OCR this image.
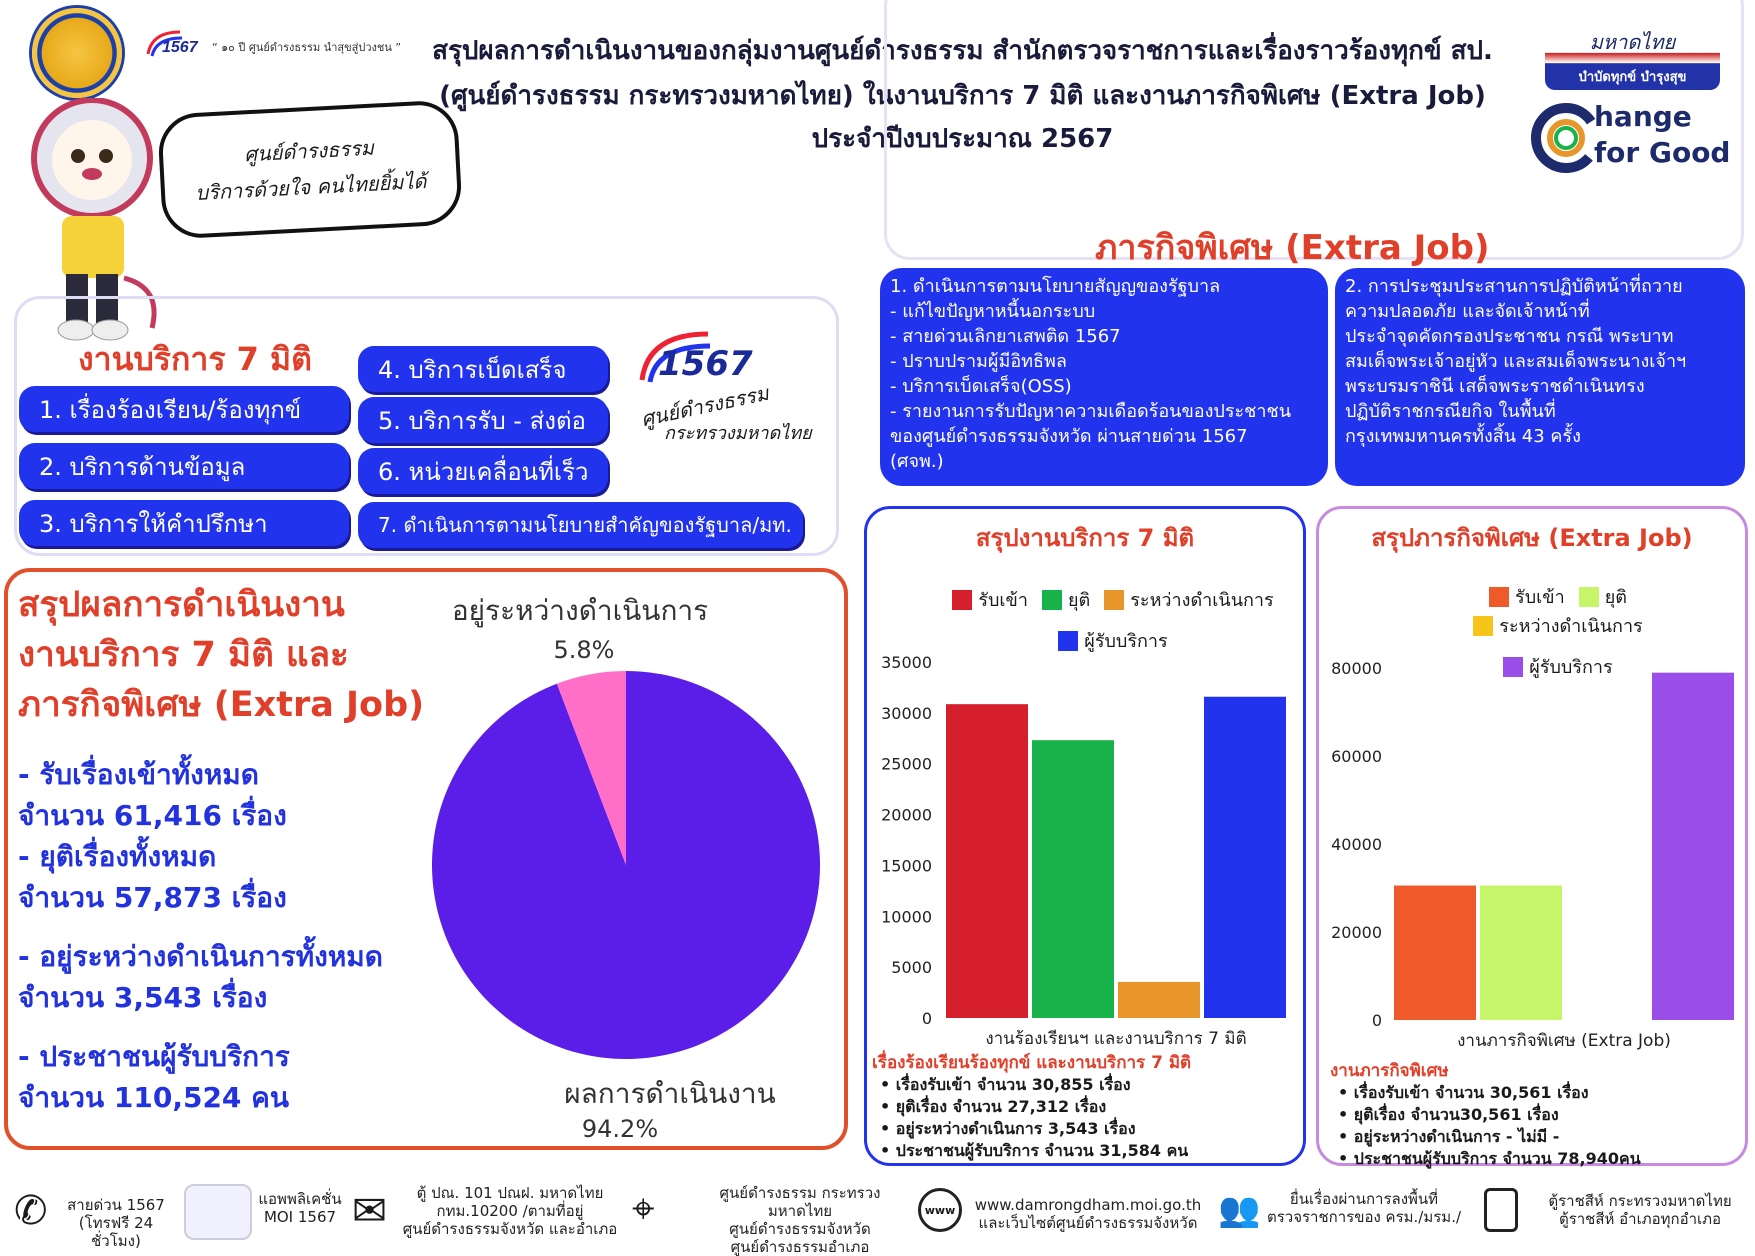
1567 “ ๑๐ ปี ศูนย์ดำรงธรรม นำสุขสู่ปวงชน ”	สรุปผลการดำเนินงานของกลุ่มงานศูนย์ดำรงธรรม สำนักตรวจราชการและเรื่องราวร้องทุกข์ สป.
(ศูนย์ดำรงธรรม กระทรวงมหาดไทย) ในงานบริการ 7 มิติ และงานภารกิจพิเศษ (Extra Job)
ประจำปีงบประมาณ 2567
มหาดไทย
บำบัดทุกข์ บำรุงสุข
hange
for Good
ศูนย์ดำรงธรรม
บริการด้วยใจ คนไทยยิ้มได้
งานบริการ 7 มิติ
1. เรื่องร้องเรียน/ร้องทุกข์
2. บริการด้านข้อมูล
3. บริการให้คำปรึกษา
4. บริการเบ็ดเสร็จ
5. บริการรับ - ส่งต่อ
6. หน่วยเคลื่อนที่เร็ว
7. ดำเนินการตามนโยบายสำคัญของรัฐบาล/มท.
1567
ศูนย์ดำรงธรรม
กระทรวงมหาดไทย
ภารกิจพิเศษ (Extra Job)
1. ดำเนินการตามนโยบายสัญญของรัฐบาล
- แก้ไขปัญหาหนี้นอกระบบ
- สายด่วนเลิกยาเสพติด 1567
- ปราบปรามผู้มีอิทธิพล
- บริการเบ็ดเสร็จ(OSS)
- รายงานการรับปัญหาความเดือดร้อนของประชาชน
ของศูนย์ดำรงธรรมจังหวัด ผ่านสายด่วน 1567
(ศจพ.)
2. การประชุมประสานการปฏิบัติหน้าที่ถวาย
ความปลอดภัย และจัดเจ้าหน้าที่
ประจำจุดคัดกรองประชาชน กรณี พระบาท
สมเด็จพระเจ้าอยู่หัว และสมเด็จพระนางเจ้าฯ
พระบรมราชินี เสด็จพระราชดำเนินทรง
ปฏิบัติราชกรณียกิจ ในพื้นที่
กรุงเทพมหานครทั้งสิ้น 43 ครั้ง
สรุปผลการดำเนินงาน
งานบริการ 7 มิติ และ
ภารกิจพิเศษ (Extra Job)
- รับเรื่องเข้าทั้งหมด
จำนวน 61,416 เรื่อง
- ยุติเรื่องทั้งหมด
จำนวน 57,873 เรื่อง
- อยู่ระหว่างดำเนินการทั้งหมด
จำนวน 3,543 เรื่อง
- ประชาชนผู้รับบริการ
จำนวน 110,524 คน
อยู่ระหว่างดำเนินการ
5.8%
ผลการดำเนินงาน
94.2%
สรุปงานบริการ 7 มิติ
รับเข้า ยุติ ระหว่างดำเนินการ
ผู้รับบริการ
0
5000
10000
15000
20000
25000
30000
35000
งานร้องเรียนฯ และงานบริการ 7 มิติ
เรื่องร้องเรียนร้องทุกข์ และงานบริการ 7 มิติ
• เรื่องรับเข้า จำนวน 30,855 เรื่อง
• ยุติเรื่อง จำนวน 27,312 เรื่อง
• อยู่ระหว่างดำเนินการ 3,543 เรื่อง
• ประชาชนผู้รับบริการ จำนวน 31,584 คน
สรุปภารกิจพิเศษ (Extra Job)
รับเข้า ยุติ
ระหว่างดำเนินการ
ผู้รับบริการ
0
20000
40000
60000
80000
งานภารกิจพิเศษ (Extra Job)
งานภารกิจพิเศษ
• เรื่องรับเข้า จำนวน 30,561 เรื่อง
• ยุติเรื่อง จำนวน30,561 เรื่อง
• อยู่ระหว่างดำเนินการ - ไม่มี -
• ประชาชนผู้รับบริการ จำนวน 78,940คน
✆	สายด่วน 1567
(โทรฟรี 24 ชั่วโมง)
แอพพลิเคชั่น
MOI 1567 ✉	ตู้ ปณ. 101 ปณฝ. มหาดไทย
กทม.10200 /ตามที่อยู่
ศูนย์ดำรงธรรมจังหวัด และอำเภอ ⌖	ศูนย์ดำรงธรรม กระทรวงมหาดไทย
ศูนย์ดำรงธรรมจังหวัด
ศูนย์ดำรงธรรมอำเภอ
www	www.damrongdham.moi.go.th
และเว็บไซต์ศูนย์ดำรงธรรมจังหวัด 👥	ยื่นเรื่องผ่านการลงพื้นที่
ตรวจราชการของ ครม./มรม./
ตู้ราชสีห์ กระทรวงมหาดไทย
ตู้ราชสีห์ อำเภอทุกอำเภอ
